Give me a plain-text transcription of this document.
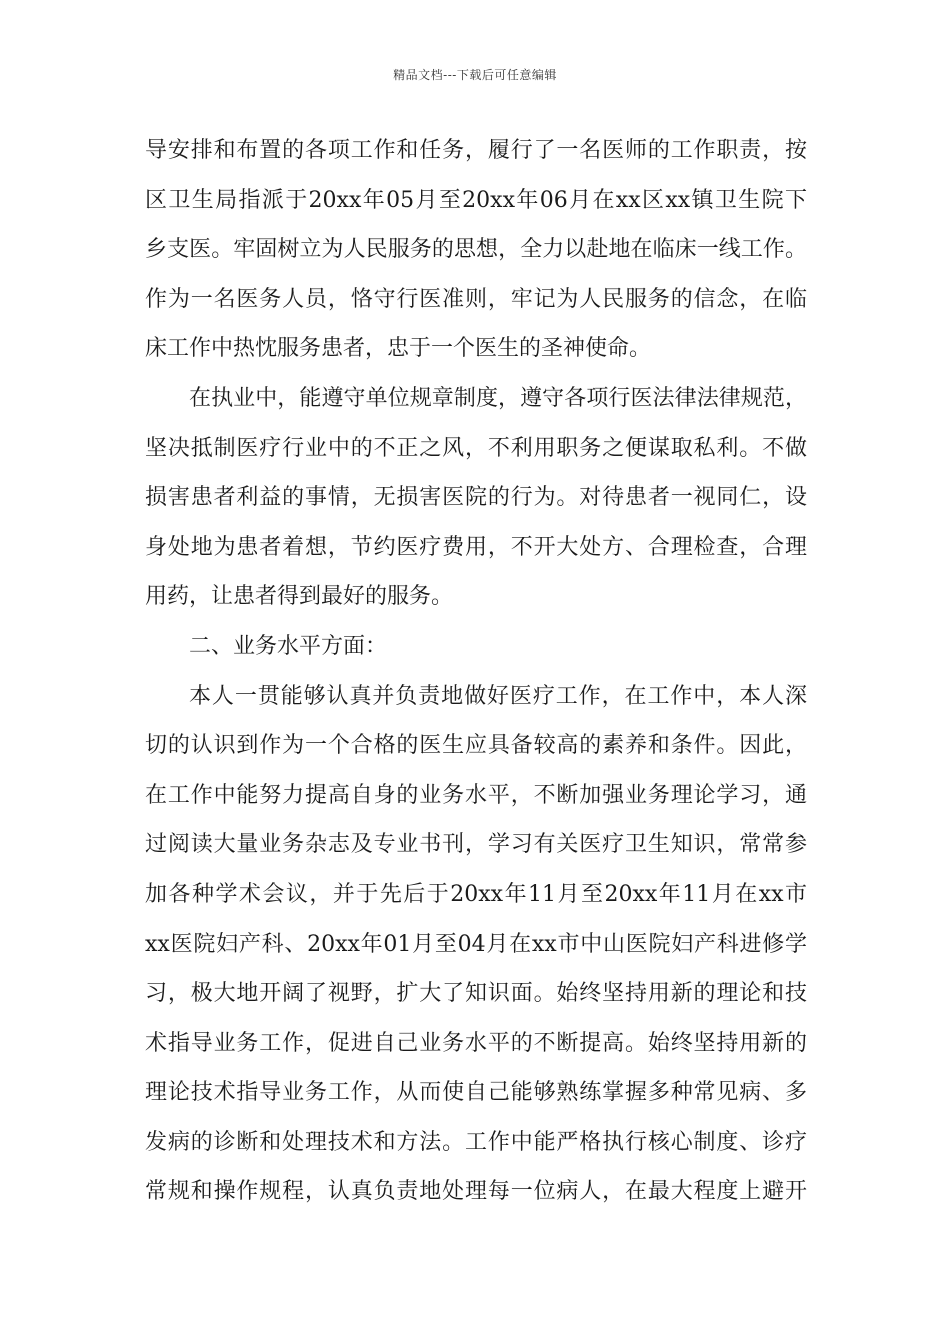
精品文档---下载后可任意编辑
导安排和布置的各项工作和任务，履行了一名医师的工作职责，按
区卫生局指派于20xx年05月至20xx年06月在xx区xx镇卫生院下
乡支医。牢固树立为人民服务的思想，全力以赴地在临床一线工作。
作为一名医务人员，恪守行医准则，牢记为人民服务的信念，在临
床工作中热忱服务患者，忠于一个医生的圣神使命。
在执业中，能遵守单位规章制度，遵守各项行医法律法律规范，
坚决抵制医疗行业中的不正之风，不利用职务之便谋取私利。不做
损害患者利益的事情，无损害医院的行为。对待患者一视同仁，设
身处地为患者着想，节约医疗费用，不开大处方、合理检查，合理
用药，让患者得到最好的服务。
二、业务水平方面：
本人一贯能够认真并负责地做好医疗工作，在工作中，本人深
切的认识到作为一个合格的医生应具备较高的素养和条件。因此，
在工作中能努力提高自身的业务水平，不断加强业务理论学习，通
过阅读大量业务杂志及专业书刊，学习有关医疗卫生知识，常常参
加各种学术会议，并于先后于20xx年11月至20xx年11月在xx市
xx医院妇产科、20xx年01月至04月在xx市中山医院妇产科进修学
习，极大地开阔了视野，扩大了知识面。始终坚持用新的理论和技
术指导业务工作，促进自己业务水平的不断提高。始终坚持用新的
理论技术指导业务工作，从而使自己能够熟练掌握多种常见病、多
发病的诊断和处理技术和方法。工作中能严格执行核心制度、诊疗
常规和操作规程，认真负责地处理每一位病人，在最大程度上避开
